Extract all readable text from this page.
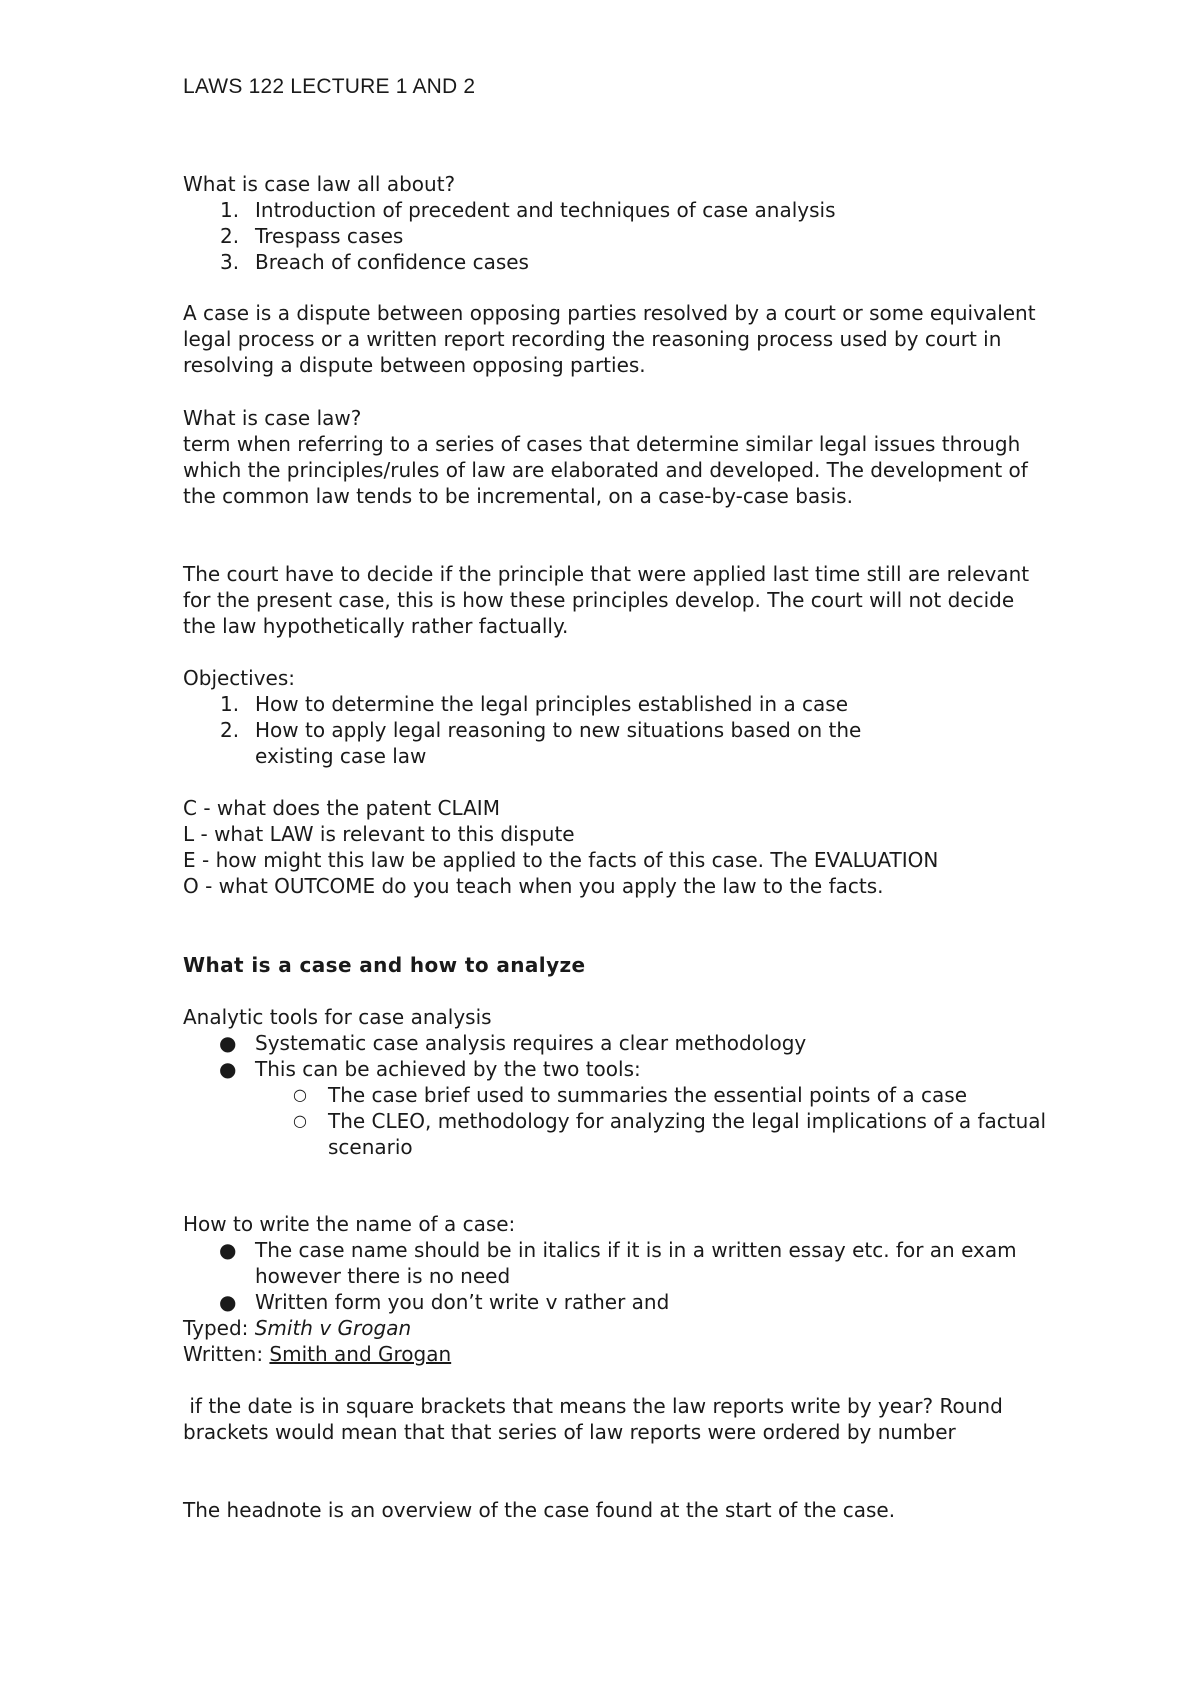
LAWS 122 LECTURE 1 AND 2

What is case law all about?

1. Introduction of precedent and techniques of case analysis
2. Trespass cases
3. Breach of confidence cases

A case is a dispute between opposing parties resolved by a court or some equivalent legal process or a written report recording the reasoning process used by court in resolving a dispute between opposing parties.

What is case law?

term when referring to a series of cases that determine similar legal issues through which the principles/rules of law are elaborated and developed. The development of the common law tends to be incremental, on a case-by-case basis.

The court have to decide if the principle that were applied last time still are relevant for the present case, this is how these principles develop. The court will not decide the law hypothetically rather factually.

Objectives:

1. How to determine the legal principles established in a case
2. How to apply legal reasoning to new situations based on the existing case law

C - what does the patent CLAIM

L - what LAW is relevant to this dispute

E - how might this law be applied to the facts of this case. The EVALUATION

O - what OUTCOME do you teach when you apply the law to the facts.

What is a case and how to analyze

Analytic tools for case analysis

● Systematic case analysis requires a clear methodology
● This can be achieved by the two tools:
○ The case brief used to summaries the essential points of a case
○ The CLEO, methodology for analyzing the legal implications of a factual scenario

How to write the name of a case:

● The case name should be in italics if it is in a written essay etc. for an exam however there is no need
● Written form you don’t write v rather and

Typed: Smith v Grogan

Written: Smith and Grogan

if the date is in square brackets that means the law reports write by year? Round brackets would mean that that series of law reports were ordered by number

The headnote is an overview of the case found at the start of the case.
